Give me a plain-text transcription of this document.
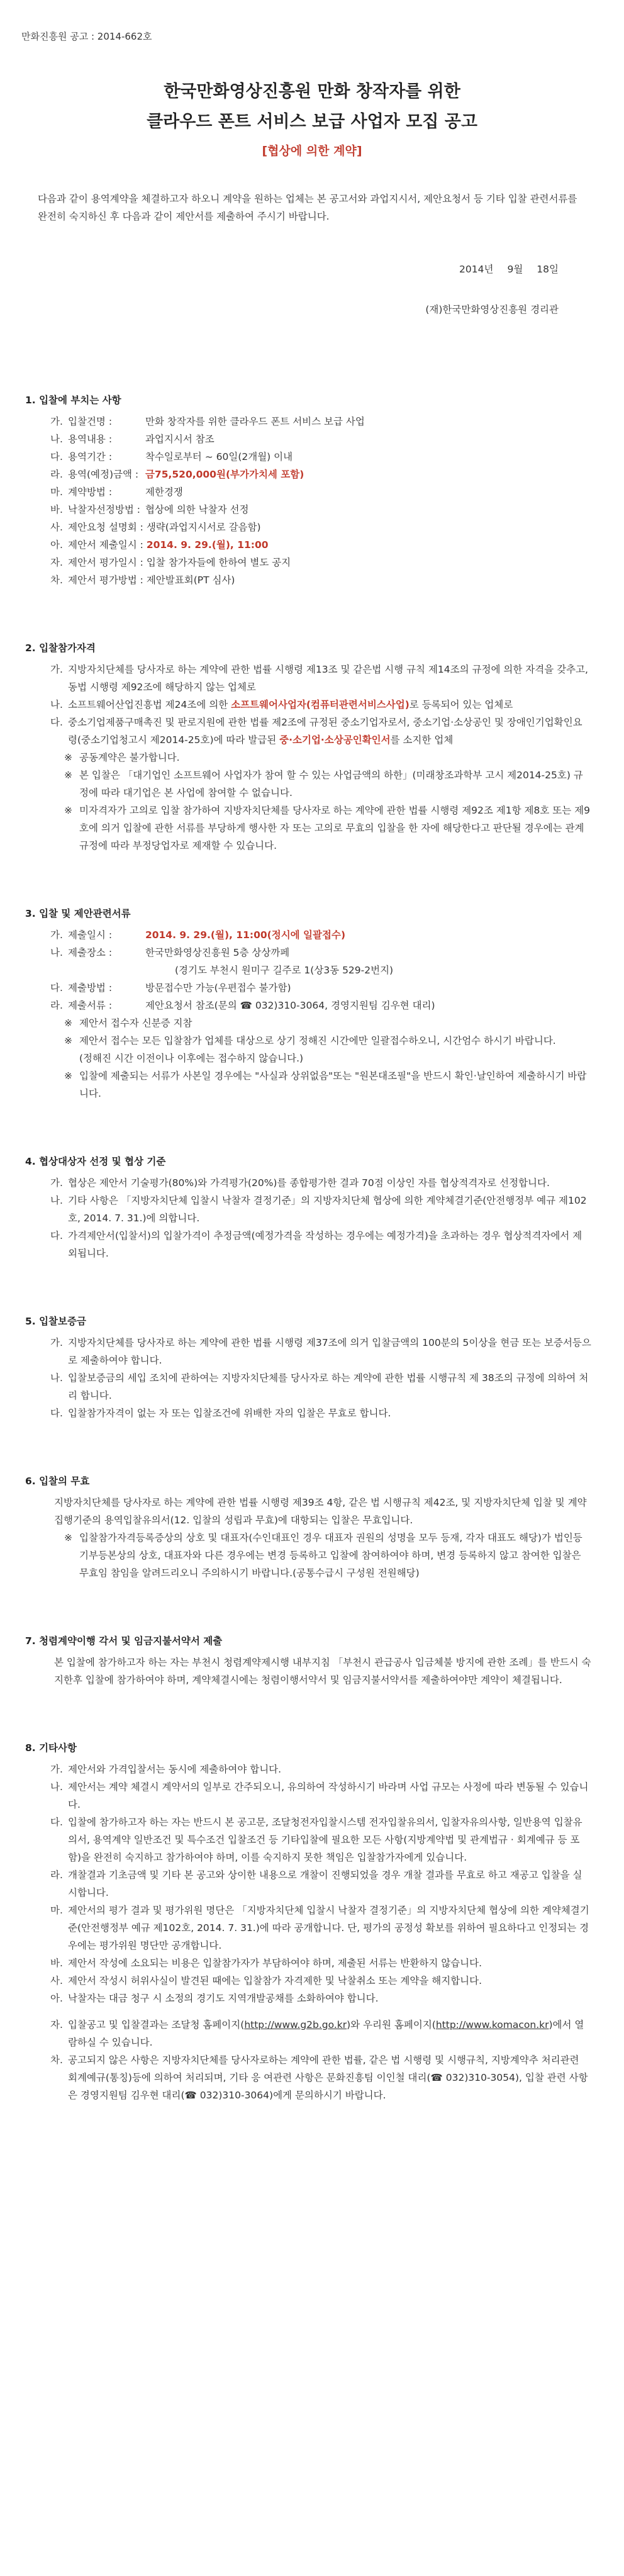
만화진흥원 공고 : 2014-662호
한국만화영상진흥원 만화 창작자를 위한
클라우드 폰트 서비스 보급 사업자 모집 공고
[협상에 의한 계약]
다음과 같이 용역계약을 체결하고자 하오니 계약을 원하는 업체는 본 공고서와 과업지시서, 제안요청서 등 기타 입찰 관련서류를 완전히 숙지하신 후 다음과 같이 제안서를 제출하여 주시기 바랍니다.
2014년 9월 18일
(재)한국만화영상진흥원 경리관
1. 입찰에 부치는 사항
가. 입찰건명 :	만화 창작자를 위한 클라우드 폰트 서비스 보급 사업
나. 용역내용 :	과업지시서 참조
다. 용역기간 :	착수일로부터 ~ 60일(2개월) 이내
라. 용역(예정)금액 : 금75,520,000원(부가가치세 포함)
마. 계약방법 :	제한경쟁
바. 낙찰자선정방법 : 협상에 의한 낙찰자 선정
사. 제안요청 설명회 : 생략(과업지시서로 갈음함)
아. 제안서 제출일시 : 2014. 9. 29.(월), 11:00
자. 제안서 평가일시 : 입찰 참가자들에 한하여 별도 공지
차. 제안서 평가방법 : 제안발표회(PT 심사)
2. 입찰참가자격
가. 지방자치단체를 당사자로 하는 계약에 관한 법률 시행령 제13조 및 같은법 시행 규칙 제14조의 규정에 의한 자격을 갖추고, 동법 시행령 제92조에 해당하지 않는 업체로
나. 소프트웨어산업진흥법 제24조에 의한 소프트웨어사업자(컴퓨터관련서비스사업)로 등록되어 있는 업체로
다. 중소기업제품구매촉진 및 판로지원에 관한 법률 제2조에 규정된 중소기업자로서, 중소기업·소상공인 및 장애인기업확인요령(중소기업청고시 제2014-25호)에 따라 발급된 중·소기업·소상공인확인서를 소지한 업체
※ 공동계약은 불가합니다.
※ 본 입찰은 「대기업인 소프트웨어 사업자가 참여 할 수 있는 사업금액의 하한」(미래창조과학부 고시 제2014-25호) 규정에 따라 대기업은 본 사업에 참여할 수 없습니다.
※ 미자격자가 고의로 입찰 참가하여 지방자치단체를 당사자로 하는 계약에 관한 법률 시행령 제92조 제1항 제8호 또는 제9호에 의거 입찰에 관한 서류를 부당하게 행사한 자 또는 고의로 무효의 입찰을 한 자에 해당한다고 판단될 경우에는 관계규정에 따라 부정당업자로 제재할 수 있습니다.
3. 입찰 및 제안관련서류
가. 제출일시 :	2014. 9. 29.(월), 11:00(정시에 일괄접수)
나. 제출장소 :	한국만화영상진흥원 5층 상상까페
(경기도 부천시 원미구 길주로 1(상3동 529-2번지)
다. 제출방법 :	방문접수만 가능(우편접수 불가함)
라. 제출서류 :	제안요청서 참조(문의 ☎ 032)310-3064, 경영지원팀 김우현 대리)
※ 제안서 접수자 신분증 지참
※ 제안서 접수는 모든 입찰참가 업체를 대상으로 상기 정해진 시간에만 일괄접수하오니, 시간엄수 하시기 바랍니다.
(정해진 시간 이전이나 이후에는 접수하지 않습니다.)
※ 입찰에 제출되는 서류가 사본일 경우에는 "사실과 상위없음"또는 "원본대조필"을 반드시 확인·날인하여 제출하시기 바랍니다.
4. 협상대상자 선정 및 협상 기준
가. 협상은 제안서 기술평가(80%)와 가격평가(20%)를 종합평가한 결과 70점 이상인 자를 협상적격자로 선정합니다.
나. 기타 사항은 「지방자치단체 입찰시 낙찰자 결정기준」의 지방자치단체 협상에 의한 계약체결기준(안전행정부 예규 제102호, 2014. 7. 31.)에 의합니다.
다. 가격제안서(입찰서)의 입찰가격이 추정금액(예정가격을 작성하는 경우에는 예정가격)을 초과하는 경우 협상적격자에서 제외됩니다.
5. 입찰보증금
가. 지방자치단체를 당사자로 하는 계약에 관한 법률 시행령 제37조에 의거 입찰금액의 100분의 5이상을 현금 또는 보증서등으로 제출하여야 합니다.
나. 입찰보증금의 세입 조치에 관하여는 지방자치단체를 당사자로 하는 계약에 관한 법률 시행규칙 제 38조의 규정에 의하여 처리 합니다.
다. 입찰참가자격이 없는 자 또는 입찰조건에 위배한 자의 입찰은 무효로 합니다.
6. 입찰의 무효
지방자치단체를 당사자로 하는 계약에 관한 법률 시행령 제39조 4항, 같은 법 시행규칙 제42조, 및 지방자치단체 입찰 및 계약집행기준의 용역입찰유의서(12. 입찰의 성립과 무효)에 대항되는 입찰은 무효입니다.
※ 입찰참가자격등록증상의 상호 및 대표자(수인대표인 경우 대표자 권원의 성명을 모두 등재, 각자 대표도 해당)가 법인등기부등본상의 상호, 대표자와 다른 경우에는 변경 등록하고 입찰에 참여하여야 하며, 변경 등록하지 않고 참여한 입찰은 무효임 참임을 알려드리오니 주의하시기 바랍니다.(공통수급시 구성원 전원해당)
7. 청렴계약이행 각서 및 임금지불서약서 제출
본 입찰에 참가하고자 하는 자는 부천시 청렴계약제시행 내부지침 「부천시 관급공사 입금체불 방지에 관한 조례」를 반드시 숙지한후 입찰에 참가하여야 하며, 계약체결시에는 청렴이행서약서 및 임금지불서약서를 제출하여야만 계약이 체결됩니다.
8. 기타사항
가. 제안서와 가격입찰서는 동시에 제출하여야 합니다.
나. 제안서는 계약 체결시 계약서의 일부로 간주되오니, 유의하여 작성하시기 바라며 사업 규모는 사정에 따라 변동될 수 있습니다.
다. 입찰에 참가하고자 하는 자는 반드시 본 공고문, 조달청전자입찰시스템 전자입찰유의서, 입찰자유의사항, 일반용역 입찰유의서, 용역계약 일반조건 및 특수조건 입찰조건 등 기타입찰에 필요한 모든 사항(지방계약법 및 관계법규 · 회계예규 등 포함)을 완전히 숙지하고 참가하여야 하며, 이를 숙지하지 못한 책임은 입찰참가자에게 있습니다.
라. 개찰결과 기초금액 및 기타 본 공고와 상이한 내용으로 개찰이 진행되었을 경우 개찰 결과를 무효로 하고 재공고 입찰을 실시합니다.
마. 제안서의 평가 결과 및 평가위원 명단은 「지방자치단체 입찰시 낙찰자 결정기준」의 지방자치단체 협상에 의한 계약체결기준(안전행정부 예규 제102호, 2014. 7. 31.)에 따라 공개합니다. 단, 평가의 공정성 확보를 위하여 필요하다고 인정되는 경우에는 평가위원 명단만 공개합니다.
바. 제안서 작성에 소요되는 비용은 입찰참가자가 부담하여야 하며, 제출된 서류는 반환하지 않습니다.
사. 제안서 작성시 허위사실이 발견된 때에는 입찰참가 자격제한 및 낙찰취소 또는 계약을 해지합니다.
아. 낙찰자는 대금 청구 시 소정의 경기도 지역개발공채를 소화하여야 합니다.
자. 입찰공고 및 입찰결과는 조달청 홈페이지(http://www.g2b.go.kr)와 우리원 홈페이지(http://www.komacon.kr)에서 열람하실 수 있습니다.
차. 공고되지 않은 사항은 지방자치단체를 당사자로하는 계약에 관한 법률, 같은 법 시행령 및 시행규칙, 지방계약추 처리관련 회계예규(통칭)등에 의하여 처리되며, 기타 응 여관련 사항은 문화진흥팀 이인철 대리(☎ 032)310-3054), 입찰 관련 사항은 경영지원팀 김우현 대리(☎ 032)310-3064)에게 문의하시기 바랍니다.
